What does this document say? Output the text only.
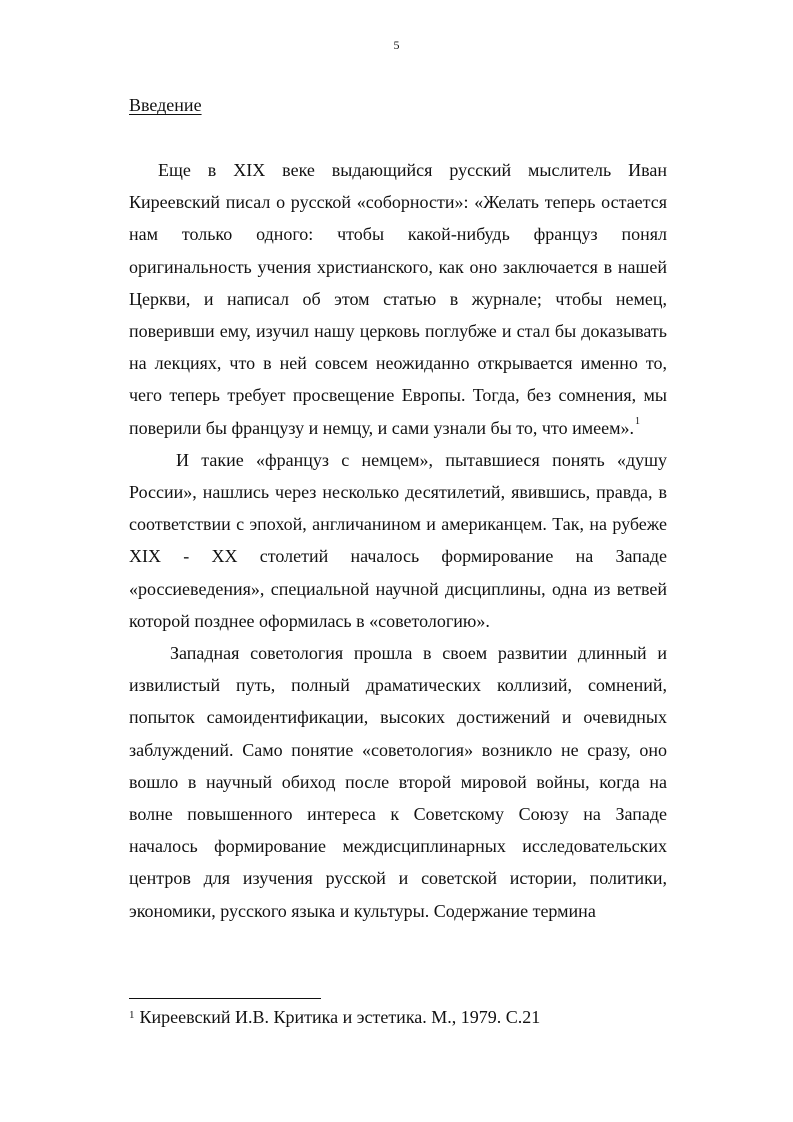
5
Введение

Еще в XIX веке выдающийся русский мыслитель Иван Киреевский писал о русской «соборности»: «Желать теперь остается нам только одного: чтобы какой-нибудь француз понял оригинальность учения христианского, как оно заключается в нашей Церкви, и написал об этом статью в журнале; чтобы немец, поверивши ему, изучил нашу церковь поглубже и стал бы доказывать на лекциях, что в ней совсем неожиданно открывается именно то, чего теперь требует просвещение Европы. Тогда, без сомнения, мы поверили бы французу и немцу, и сами узнали бы то, что имеем».$^1$

И такие «француз с немцем», пытавшиеся понять «душу России», нашлись через несколько десятилетий, явившись, правда, в соответствии с эпохой, англичанином и американцем. Так, на рубеже XIX - XX столетий началось формирование на Западе «россиеведения», специальной научной дисциплины, одна из ветвей которой позднее оформилась в «советологию».

Западная советология прошла в своем развитии длинный и извилистый путь, полный драматических коллизий, сомнений, попыток самоидентификации, высоких достижений и очевидных заблуждений. Само понятие «советология» возникло не сразу, оно вошло в научный обиход после второй мировой войны, когда на волне повышенного интереса к Советскому Союзу на Западе началось формирование междисциплинарных исследовательских центров для изучения русской и советской истории, политики, экономики, русского языка и культуры. Содержание термина

$^1$ Киреевский И.В. Критика и эстетика. М., 1979. С.21
